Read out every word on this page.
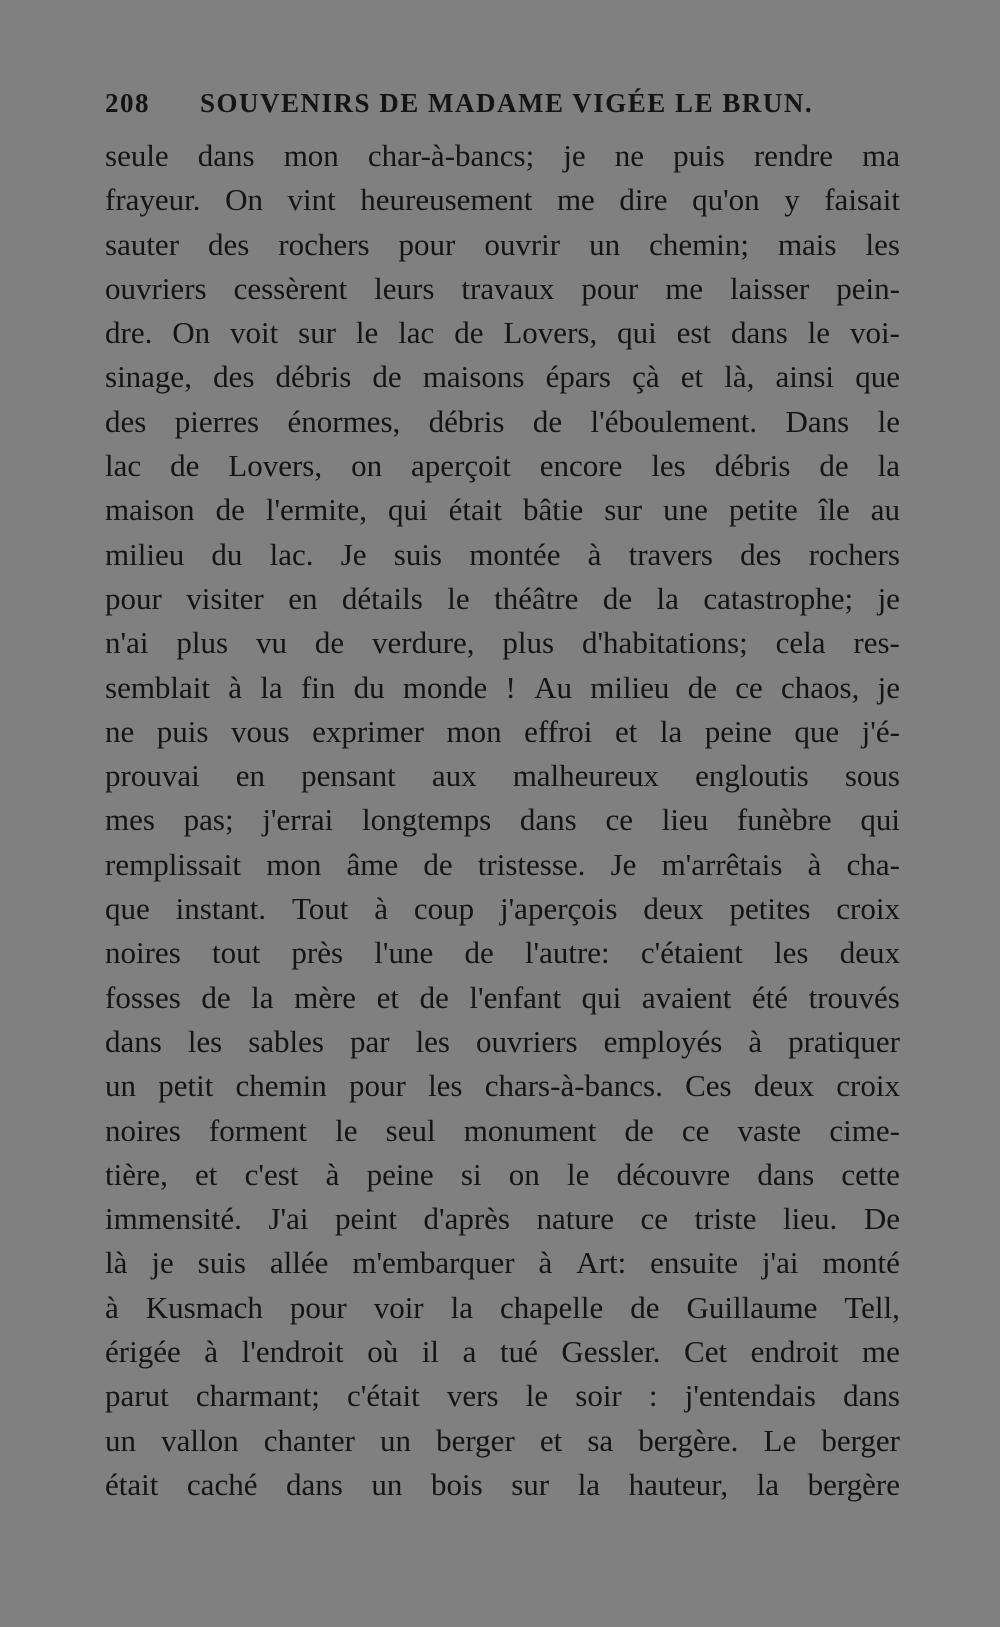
208	SOUVENIRS DE MADAME VIGÉE LE BRUN.
seule dans mon char-à-bancs; je ne puis rendre ma
frayeur. On vint heureusement me dire qu'on y faisait
sauter des rochers pour ouvrir un chemin; mais les
ouvriers cessèrent leurs travaux pour me laisser pein-
dre. On voit sur le lac de Lovers, qui est dans le voi-
sinage, des débris de maisons épars çà et là, ainsi que
des pierres énormes, débris de l'éboulement. Dans le
lac de Lovers, on aperçoit encore les débris de la
maison de l'ermite, qui était bâtie sur une petite île au
milieu du lac. Je suis montée à travers des rochers
pour visiter en détails le théâtre de la catastrophe; je
n'ai plus vu de verdure, plus d'habitations; cela res-
semblait à la fin du monde ! Au milieu de ce chaos, je
ne puis vous exprimer mon effroi et la peine que j'é-
prouvai en pensant aux malheureux engloutis sous
mes pas; j'errai longtemps dans ce lieu funèbre qui
remplissait mon âme de tristesse. Je m'arrêtais à cha-
que instant. Tout à coup j'aperçois deux petites croix
noires tout près l'une de l'autre: c'étaient les deux
fosses de la mère et de l'enfant qui avaient été trouvés
dans les sables par les ouvriers employés à pratiquer
un petit chemin pour les chars-à-bancs. Ces deux croix
noires forment le seul monument de ce vaste cime-
tière, et c'est à peine si on le découvre dans cette
immensité. J'ai peint d'après nature ce triste lieu. De
là je suis allée m'embarquer à Art: ensuite j'ai monté
à Kusmach pour voir la chapelle de Guillaume Tell,
érigée à l'endroit où il a tué Gessler. Cet endroit me
parut charmant; c'était vers le soir : j'entendais dans
un vallon chanter un berger et sa bergère. Le berger
était caché dans un bois sur la hauteur, la bergère
